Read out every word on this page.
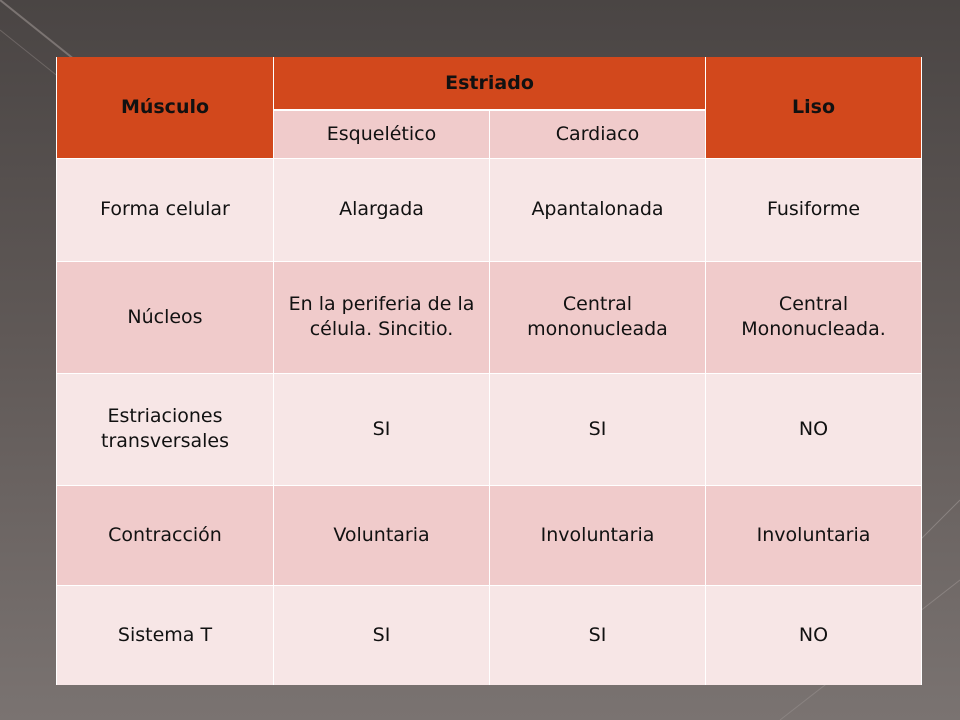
Músculo	Estriado		Liso
	Esquelético	Cardiaco	
Forma celular	Alargada	Apantalonada	Fusiforme
Núcleos	En la periferia de la célula. Sincitio.	Central mononucleada	Central Mononucleada.
Estriaciones transversales	SI	SI	NO
Contracción	Voluntaria	Involuntaria	Involuntaria
Sistema T	SI	SI	NO
